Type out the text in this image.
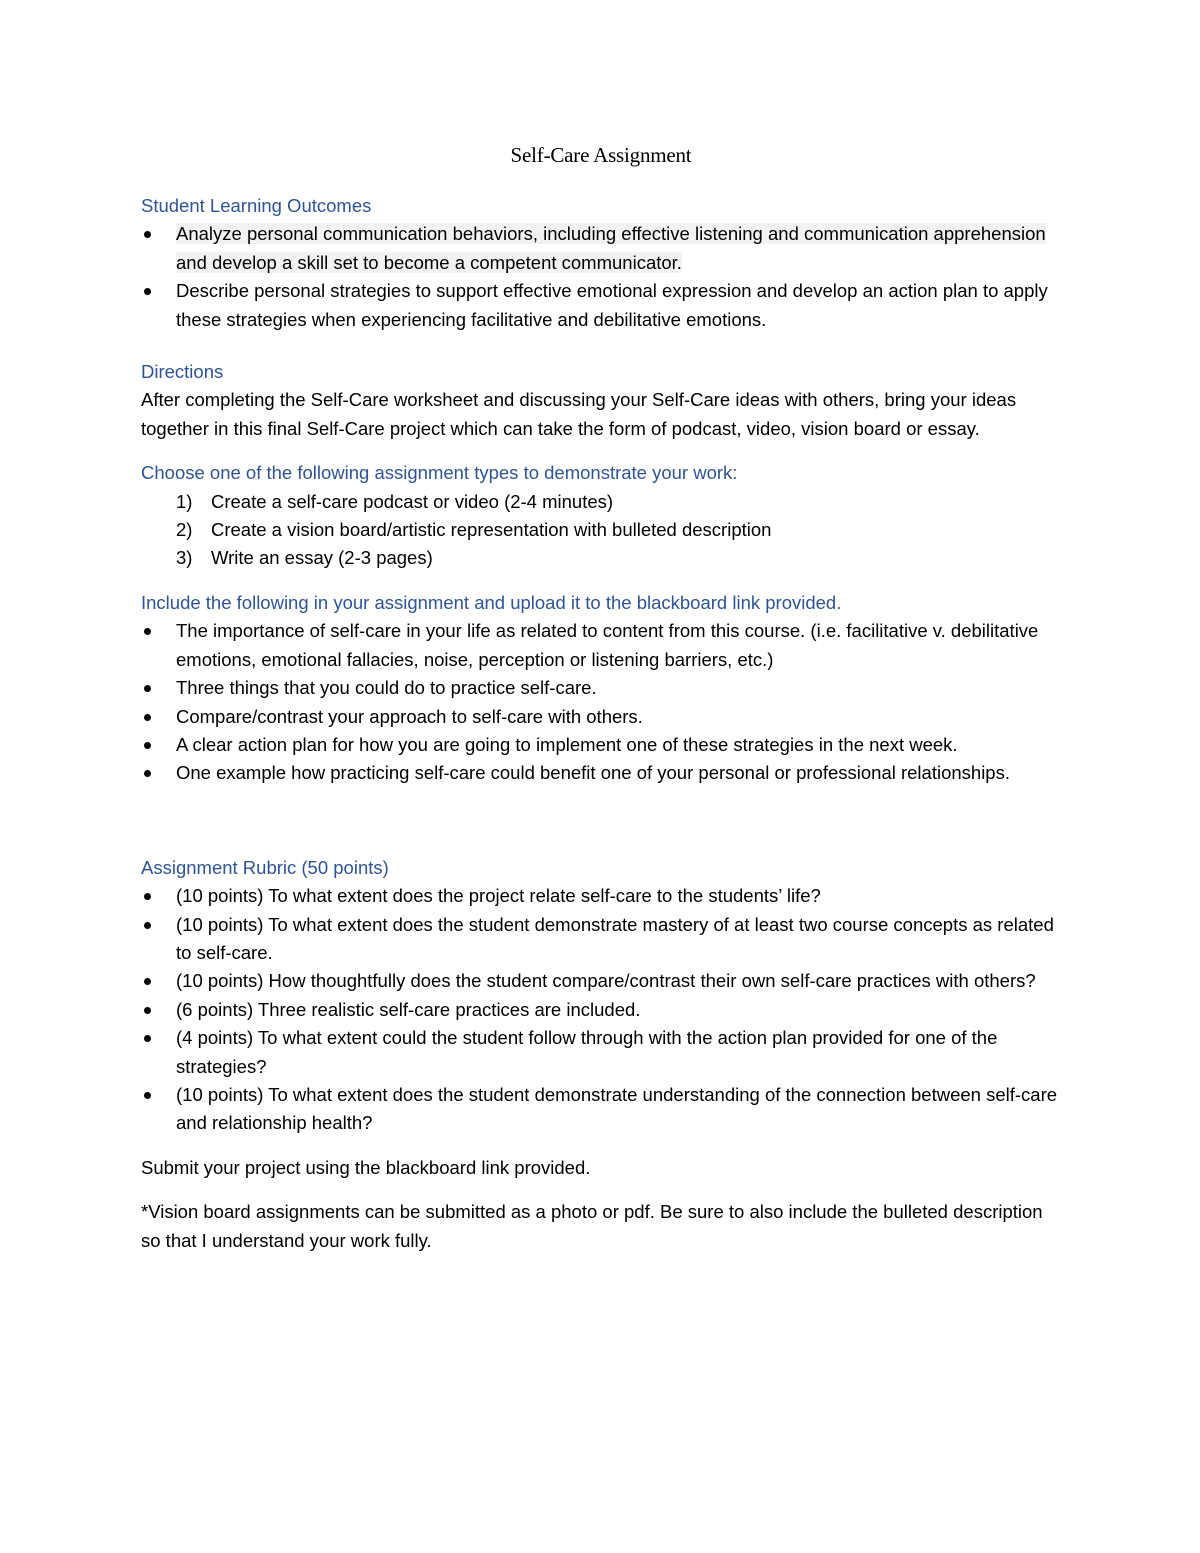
Self-Care Assignment
Student Learning Outcomes
Analyze personal communication behaviors, including effective listening and communication apprehension and develop a skill set to become a competent communicator.
Describe personal strategies to support effective emotional expression and develop an action plan to apply these strategies when experiencing facilitative and debilitative emotions.
Directions

After completing the Self-Care worksheet and discussing your Self-Care ideas with others, bring your ideas together in this final Self-Care project which can take the form of podcast, video, vision board or essay.

Choose one of the following assignment types to demonstrate your work:
1) Create a self-care podcast or video (2-4 minutes)
2) Create a vision board/artistic representation with bulleted description
3) Write an essay (2-3 pages)
Include the following in your assignment and upload it to the blackboard link provided.
The importance of self-care in your life as related to content from this course. (i.e. facilitative v. debilitative emotions, emotional fallacies, noise, perception or listening barriers, etc.)
Three things that you could do to practice self-care.
Compare/contrast your approach to self-care with others.
A clear action plan for how you are going to implement one of these strategies in the next week.
One example how practicing self-care could benefit one of your personal or professional relationships.
Assignment Rubric (50 points)
(10 points) To what extent does the project relate self-care to the students’ life?
(10 points) To what extent does the student demonstrate mastery of at least two course concepts as related to self-care.
(10 points) How thoughtfully does the student compare/contrast their own self-care practices with others?
(6 points) Three realistic self-care practices are included.
(4 points) To what extent could the student follow through with the action plan provided for one of the strategies?
(10 points) To what extent does the student demonstrate understanding of the connection between self-care and relationship health?

Submit your project using the blackboard link provided.

*Vision board assignments can be submitted as a photo or pdf. Be sure to also include the bulleted description so that I understand your work fully.
